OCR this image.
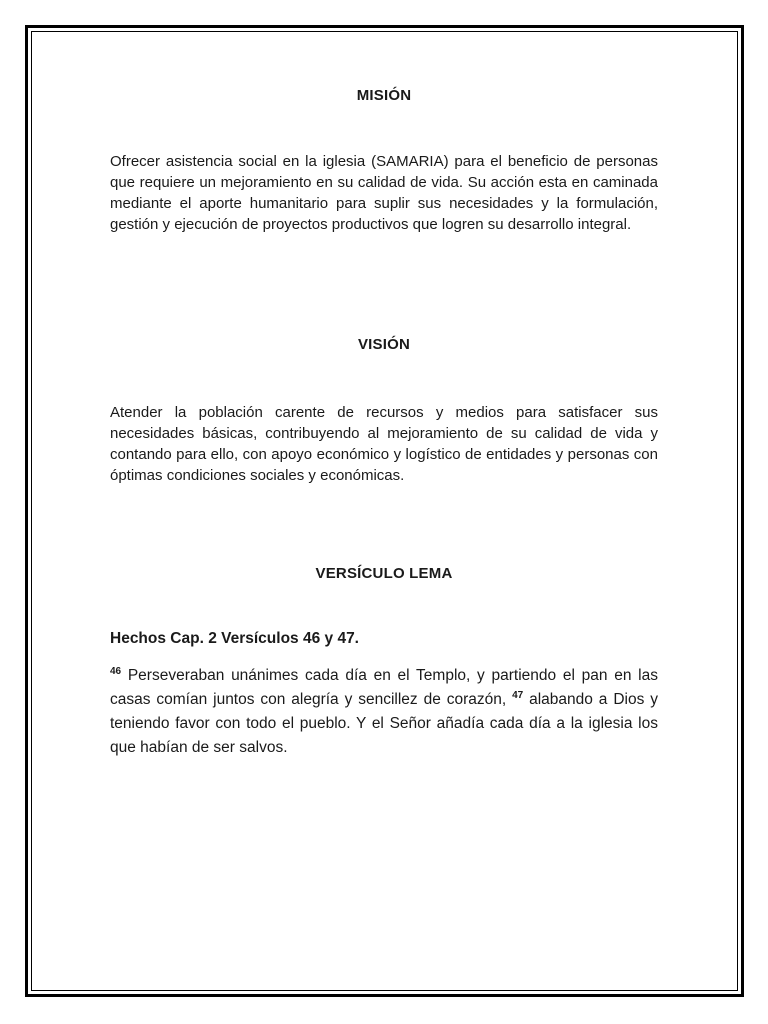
MISIÓN
Ofrecer asistencia social en la iglesia (SAMARIA) para el beneficio de personas que requiere un mejoramiento en su calidad de vida. Su acción esta en caminada mediante el aporte humanitario para suplir sus necesidades y la formulación, gestión y ejecución de proyectos productivos que logren su desarrollo integral.
VISIÓN
Atender la población carente de recursos y medios para satisfacer sus necesidades básicas, contribuyendo al mejoramiento de su calidad de vida y contando para ello, con apoyo económico y logístico de entidades y personas con óptimas condiciones sociales y económicas.
VERSÍCULO LEMA
Hechos Cap. 2 Versículos 46 y 47.
$^{46}$ Perseveraban unánimes cada día en el Templo, y partiendo el pan en las casas comían juntos con alegría y sencillez de corazón, $^{47}$ alabando a Dios y teniendo favor con todo el pueblo. Y el Señor añadía cada día a la iglesia los que habían de ser salvos.
